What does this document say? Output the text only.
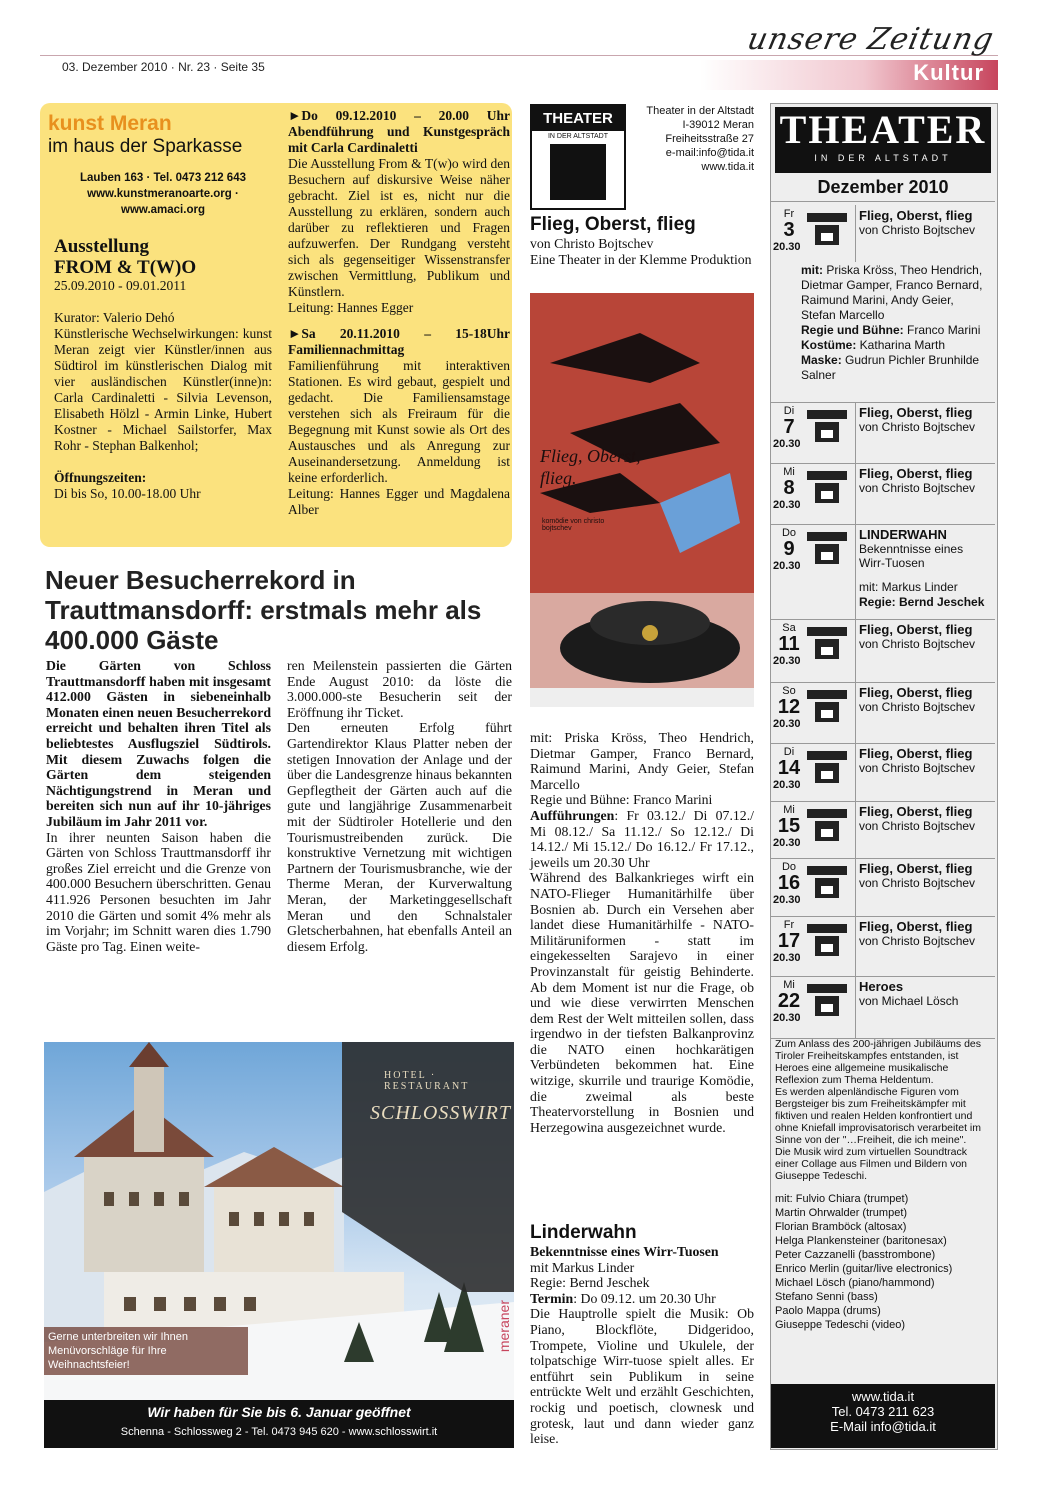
03. Dezember 2010 · Nr. 23 · Seite 35
unsere Zeitung
Kultur

kunst Meran

im haus der Sparkasse

Lauben 163 · Tel. 0473 212 643
www.kunstmeranoarte.org · www.amaci.org
Ausstellung
FROM & T(W)O

25.09.2010 - 09.01.2011

Kurator: Valerio Dehó

Künstlerische Wechselwirkungen: kunst Meran zeigt vier Künstler/innen aus Südtirol im künstlerischen Dialog mit vier ausländischen Künstler(inne)n: Carla Cardinaletti - Silvia Levenson, Elisabeth Hölzl - Armin Linke, Hubert Kostner - Michael Sailstorfer, Max Rohr - Stephan Balkenhol;

Öffnungszeiten:

Di bis So, 10.00-18.00 Uhr

►Do 09.12.2010 – 20.00 Uhr Abendführung und Kunstgespräch mit Carla Cardinaletti

Die Ausstellung From & T(w)o wird den Besuchern auf diskursive Weise näher gebracht. Ziel ist es, nicht nur die Ausstellung zu erklären, sondern auch darüber zu reflektieren und Fragen aufzuwerfen. Der Rundgang versteht sich als gegenseitiger Wissenstransfer zwischen Vermittlung, Publikum und Künstlern.

Leitung: Hannes Egger

►Sa 20.11.2010 – 15-18Uhr Familiennachmittag

Familienführung mit interaktiven Stationen. Es wird gebaut, gespielt und gedacht. Die Familiensamstage verstehen sich als Freiraum für die Begegnung mit Kunst sowie als Ort des Austausches und als Anregung zur Auseinandersetzung. Anmeldung ist keine erforderlich.

Leitung: Hannes Egger und Magdalena Alber

Neuer Besucherrekord in Trauttmansdorff: erstmals mehr als 400.000 Gäste

Die Gärten von Schloss Trauttmansdorff haben mit insgesamt 412.000 Gästen in siebeneinhalb Monaten einen neuen Besucherrekord erreicht und behalten ihren Titel als beliebtestes Ausflugsziel Südtirols. Mit diesem Zuwachs folgen die Gärten dem steigenden Nächtigungstrend in Meran und bereiten sich nun auf ihr 10-jähriges Jubiläum im Jahr 2011 vor.

In ihrer neunten Saison haben die Gärten von Schloss Trauttmansdorff ihr großes Ziel erreicht und die Grenze von 400.000 Besuchern überschritten. Genau 411.926 Personen besuchten im Jahr 2010 die Gärten und somit 4% mehr als im Vorjahr; im Schnitt waren dies 1.790 Gäste pro Tag. Einen weite-

ren Meilenstein passierten die Gärten Ende August 2010: da löste die 3.000.000-ste Besucherin seit der Eröffnung ihr Ticket.

Den erneuten Erfolg führt Gartendirektor Klaus Platter neben der stetigen Innovation der Anlage und der über die Landesgrenze hinaus bekannten Gepflegtheit der Gärten auch auf die gute und langjährige Zusammenarbeit mit der Südtiroler Hotellerie und den Tourismustreibenden zurück. Die konstruktive Vernetzung mit wichtigen Partnern der Tourismusbranche, wie der Therme Meran, der Kurverwaltung Meran, der Marketinggesellschaft Meran und den Schnalstaler Gletscherbahnen, hat ebenfalls Anteil an diesem Erfolg.

HOTEL · RESTAURANT
SCHLOSSWIRT
meraner
Gerne unterbreiten wir Ihnen Menüvorschläge für Ihre Weihnachtsfeier!
Wir haben für Sie bis 6. Januar geöffnet
Schenna - Schlossweg 2 - Tel. 0473 945 620 - www.schlosswirt.it
THEATER
IN DER ALTSTADT
Theater in der Altstadt
I-39012 Meran
Freiheitsstraße 27
e-mail:info@tida.it
www.tida.it

Flieg, Oberst, flieg

von Christo Bojtschev

Eine Theater in der Klemme Produktion

Flieg, Oberst, flieg.
komödie von christo bojtschev

mit: Priska Kröss, Theo Hendrich, Dietmar Gamper, Franco Bernard, Raimund Marini, Andy Geier, Stefan Marcello

Regie und Bühne: Franco Marini

Aufführungen: Fr 03.12./ Di 07.12./ Mi 08.12./ Sa 11.12./ So 12.12./ Di 14.12./ Mi 15.12./ Do 16.12./ Fr 17.12., jeweils um 20.30 Uhr

Während des Balkankrieges wirft ein NATO-Flieger Humanitärhilfe über Bosnien ab. Durch ein Versehen aber landet diese Humanitärhilfe - NATO-Militäruniformen - statt im eingekesselten Sarajevo in einer Provinzanstalt für geistig Behinderte. Ab dem Moment ist nur die Frage, ob und wie diese verwirrten Menschen dem Rest der Welt mitteilen sollen, dass irgendwo in der tiefsten Balkanprovinz die NATO einen hochkarätigen Verbündeten bekommen hat. Eine witzige, skurrile und traurige Komödie, die zweimal als beste Theatervorstellung in Bosnien und Herzegowina ausgezeichnet wurde.

Linderwahn

Bekenntnisse eines Wirr-Tuosen

mit Markus Linder

Regie: Bernd Jeschek

Termin: Do 09.12. um 20.30 Uhr

Die Hauptrolle spielt die Musik: Ob Piano, Blockflöte, Didgeridoo, Trompete, Violine und Ukulele, der tolpatschige Wirr-tuose spielt alles. Er entführt sein Publikum in seine entrückte Welt und erzählt Geschichten, rockig und poetisch, clownesk und grotesk, laut und dann wieder ganz leise.

THEATER
IN DER ALTSTADT
Dezember 2010
Fr
3
20.30
Flieg, Oberst, flieg
von Christo Bojtschev
mit: Priska Kröss, Theo Hendrich, Dietmar Gamper, Franco Bernard, Raimund Marini, Andy Geier, Stefan Marcello
Regie und Bühne: Franco Marini
Kostüme: Katharina Marth
Maske: Gudrun Pichler Brunhilde Salner
Di
7
20.30
Flieg, Oberst, flieg
von Christo Bojtschev
Mi
8
20.30
Flieg, Oberst, flieg
von Christo Bojtschev
Do
9
20.30
LINDERWAHN
Bekenntnisse eines Wirr-Tuosen
mit: Markus Linder
Regie: Bernd Jeschek
Sa
11
20.30
Flieg, Oberst, flieg
von Christo Bojtschev
So
12
20.30
Flieg, Oberst, flieg
von Christo Bojtschev
Di
14
20.30
Flieg, Oberst, flieg
von Christo Bojtschev
Mi
15
20.30
Flieg, Oberst, flieg
von Christo Bojtschev
Do
16
20.30
Flieg, Oberst, flieg
von Christo Bojtschev
Fr
17
20.30
Flieg, Oberst, flieg
von Christo Bojtschev
Mi
22
20.30
Heroes
von Michael Lösch

Zum Anlass des 200-jährigen Jubiläums des Tiroler Freiheitskampfes entstanden, ist Heroes eine allgemeine musikalische Reflexion zum Thema Heldentum.

Es werden alpenländische Figuren vom Bergsteiger bis zum Freiheitskämpfer mit fiktiven und realen Helden konfrontiert und ohne Kniefall improvisatorisch verarbeitet im Sinne von der "…Freiheit, die ich meine".

Die Musik wird zum virtuellen Soundtrack einer Collage aus Filmen und Bildern von Giuseppe Tedeschi.

mit: Fulvio Chiara (trumpet)
Martin Ohrwalder (trumpet)
Florian Bramböck (altosax)
Helga Plankensteiner (baritonesax)
Peter Cazzanelli (basstrombone)
Enrico Merlin (guitar/live electronics)
Michael Lösch (piano/hammond)
Stefano Senni (bass)
Paolo Mappa (drums)
Giuseppe Tedeschi (video)
www.tida.it
Tel. 0473 211 623
E-Mail info@tida.it
